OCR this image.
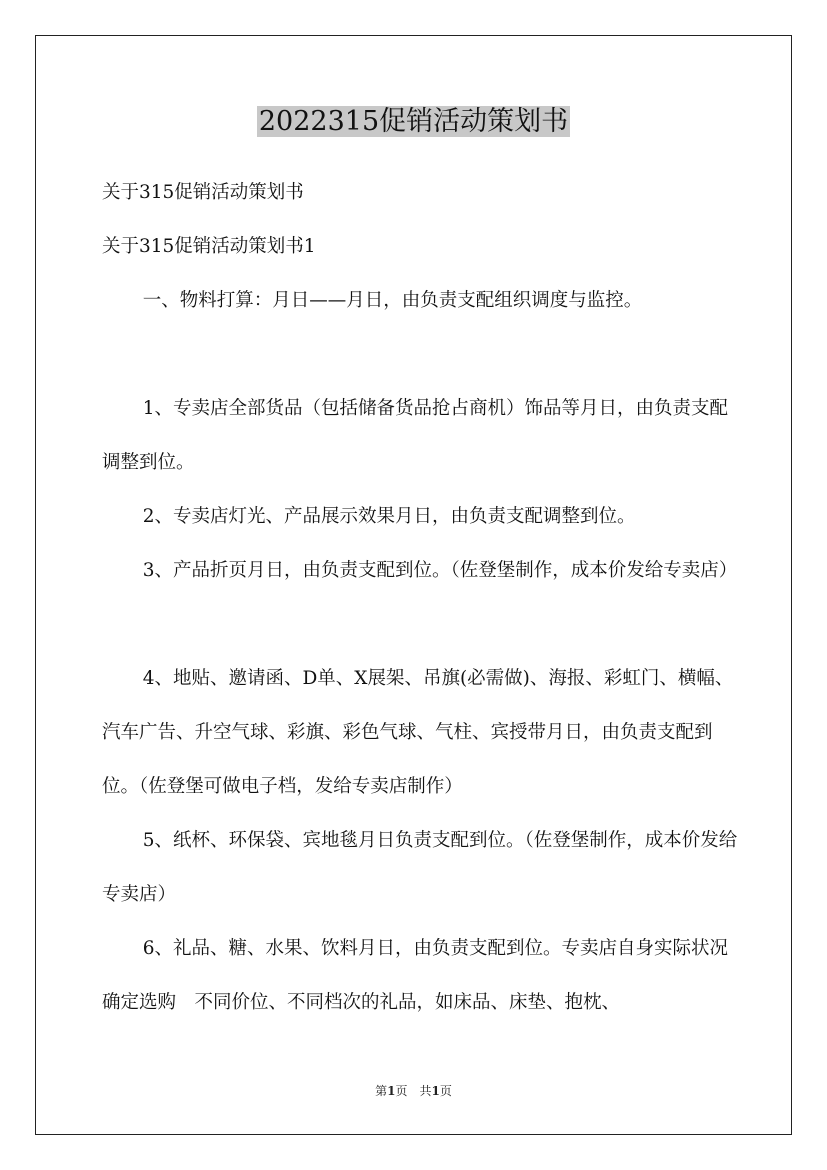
2022315促销活动策划书

关于315促销活动策划书

关于315促销活动策划书1

一、物料打算：月日——月日，由负责支配组织调度与监控。

1、专卖店全部货品（包括储备货品抢占商机）饰品等月日，由负责支配调整到位。

2、专卖店灯光、产品展示效果月日，由负责支配调整到位。

3、产品折页月日，由负责支配到位。（佐登堡制作，成本价发给专卖店）

4、地贴、邀请函、D单、X展架、吊旗(必需做)、海报、彩虹门、横幅、汽车广告、升空气球、彩旗、彩色气球、气柱、宾授带月日，由负责支配到位。（佐登堡可做电子档，发给专卖店制作）

5、纸杯、环保袋、宾地毯月日负责支配到位。（佐登堡制作，成本价发给专卖店）

6、礼品、糖、水果、饮料月日，由负责支配到位。专卖店自身实际状况确定选购　不同价位、不同档次的礼品，如床品、床垫、抱枕、

第1页　共1页
